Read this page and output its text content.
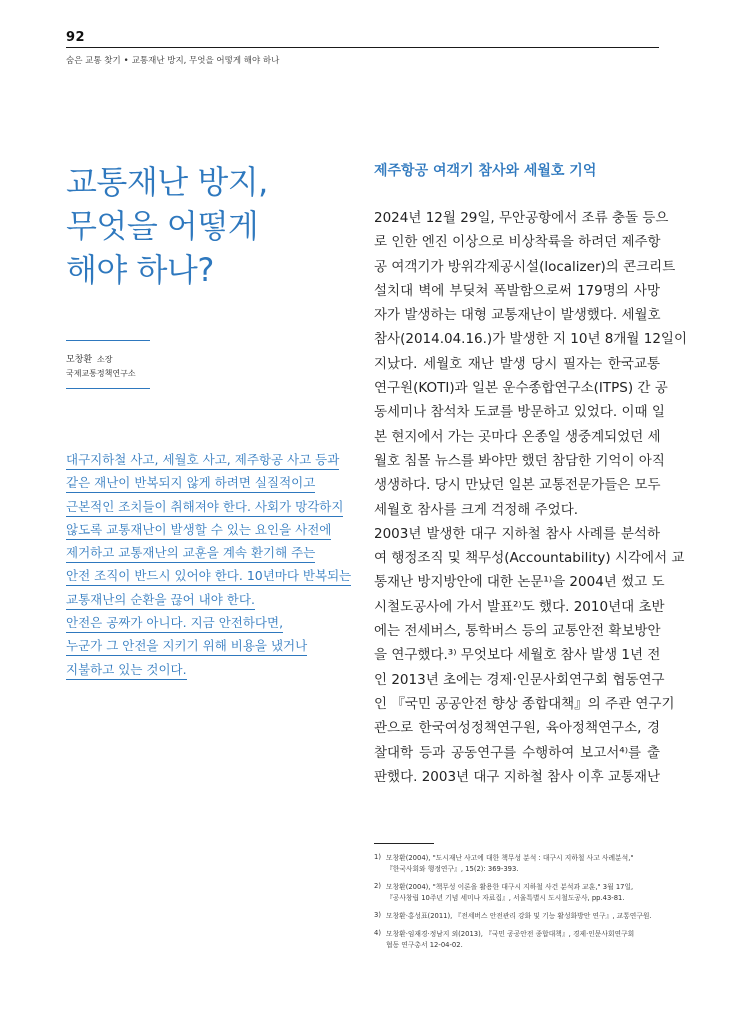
92
숨은 교통 찾기 • 교통재난 방지, 무엇을 어떻게 해야 하나
교통재난 방지,
무엇을 어떻게
해야 하나?
모창환 소장
국제교통정책연구소
대구지하철 사고, 세월호 사고, 제주항공 사고 등과
같은 재난이 반복되지 않게 하려면 실질적이고
근본적인 조치들이 취해져야 한다. 사회가 망각하지
않도록 교통재난이 발생할 수 있는 요인을 사전에
제거하고 교통재난의 교훈을 계속 환기해 주는
안전 조직이 반드시 있어야 한다. 10년마다 반복되는
교통재난의 순환을 끊어 내야 한다.
안전은 공짜가 아니다. 지금 안전하다면,
누군가 그 안전을 지키기 위해 비용을 냈거나
지불하고 있는 것이다.
제주항공 여객기 참사와 세월호 기억
2024년 12월 29일, 무안공항에서 조류 충돌 등으
로 인한 엔진 이상으로 비상착륙을 하려던 제주항
공 여객기가 방위각제공시설(localizer)의 콘크리트
설치대 벽에 부딪쳐 폭발함으로써 179명의 사망
자가 발생하는 대형 교통재난이 발생했다. 세월호
참사(2014.04.16.)가 발생한 지 10년 8개월 12일이
지났다. 세월호 재난 발생 당시 필자는 한국교통
연구원(KOTI)과 일본 운수종합연구소(ITPS) 간 공
동세미나 참석차 도쿄를 방문하고 있었다. 이때 일
본 현지에서 가는 곳마다 온종일 생중계되었던 세
월호 침몰 뉴스를 봐야만 했던 참담한 기억이 아직
생생하다. 당시 만났던 일본 교통전문가들은 모두
세월호 참사를 크게 걱정해 주었다.
2003년 발생한 대구 지하철 참사 사례를 분석하
여 행정조직 및 책무성(Accountability) 시각에서 교
통재난 방지방안에 대한 논문¹⁾을 2004년 썼고 도
시철도공사에 가서 발표²⁾도 했다. 2010년대 초반
에는 전세버스, 통학버스 등의 교통안전 확보방안
을 연구했다.³⁾ 무엇보다 세월호 참사 발생 1년 전
인 2013년 초에는 경제·인문사회연구회 협동연구
인 『국민 공공안전 향상 종합대책』의 주관 연구기
관으로 한국여성정책연구원, 육아정책연구소, 경
찰대학 등과 공동연구를 수행하여 보고서⁴⁾를 출
판했다. 2003년 대구 지하철 참사 이후 교통재난
1) 모창환(2004), "도시재난 사고에 대한 책무성 분석 : 대구시 지하철 사고 사례분석,"
『한국사회와 행정연구』, 15(2): 369-393.
2) 모창환(2004), "책무성 이론을 활용한 대구시 지하철 사건 분석과 교훈," 3월 17일,
『공사창립 10주년 기념 세미나 자료집』, 서울특별시 도시철도공사, pp.43-81.
3) 모창환·홍성표(2011), 『전세버스 안전관리 강화 및 기능 활성화방안 연구』, 교통연구원.
4) 모창환·임재경·정남지 외(2013), 『국민 공공안전 종합대책』, 경제·인문사회연구회
협동 연구총서 12-04-02.
